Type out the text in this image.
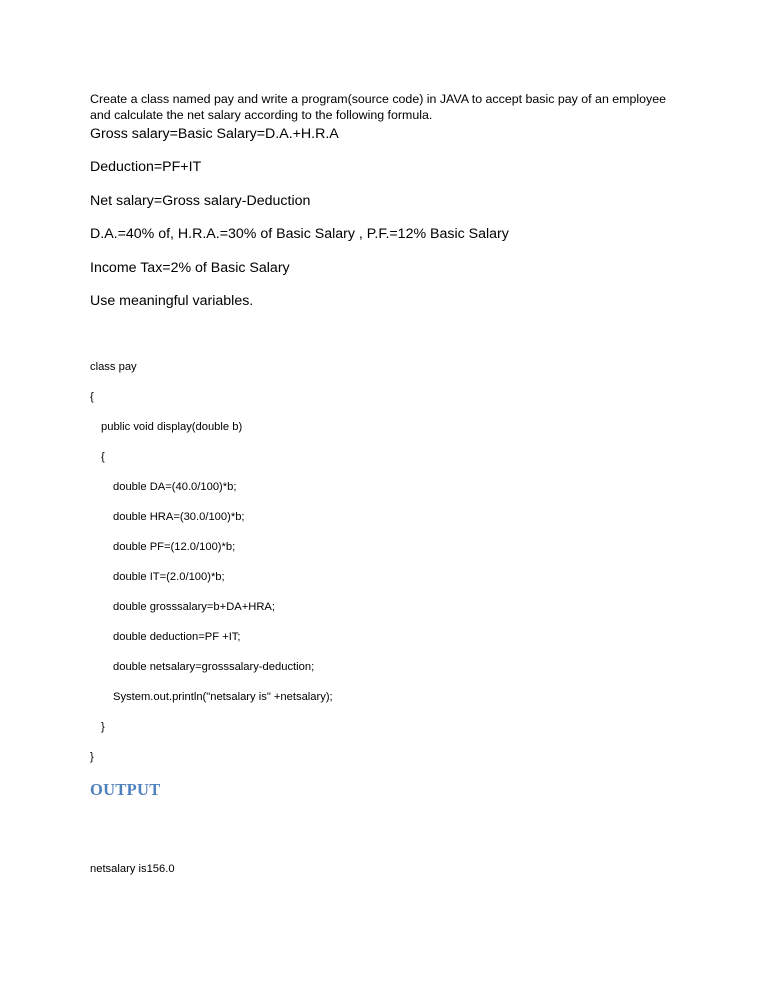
Create a class named pay and write a program(source code) in JAVA to accept basic pay of an employee
and calculate the net salary according to the following formula.
Gross salary=Basic Salary=D.A.+H.R.A
Deduction=PF+IT
Net salary=Gross salary-Deduction
D.A.=40% of, H.R.A.=30% of Basic Salary , P.F.=12% Basic Salary
Income Tax=2% of Basic Salary
Use meaningful variables.
class pay
{
public void display(double b)
{
double DA=(40.0/100)*b;
double HRA=(30.0/100)*b;
double PF=(12.0/100)*b;
double IT=(2.0/100)*b;
double grosssalary=b+DA+HRA;
double deduction=PF +IT;
double netsalary=grosssalary-deduction;
System.out.println("netsalary is" +netsalary);
}
}
OUTPUT
netsalary is156.0
